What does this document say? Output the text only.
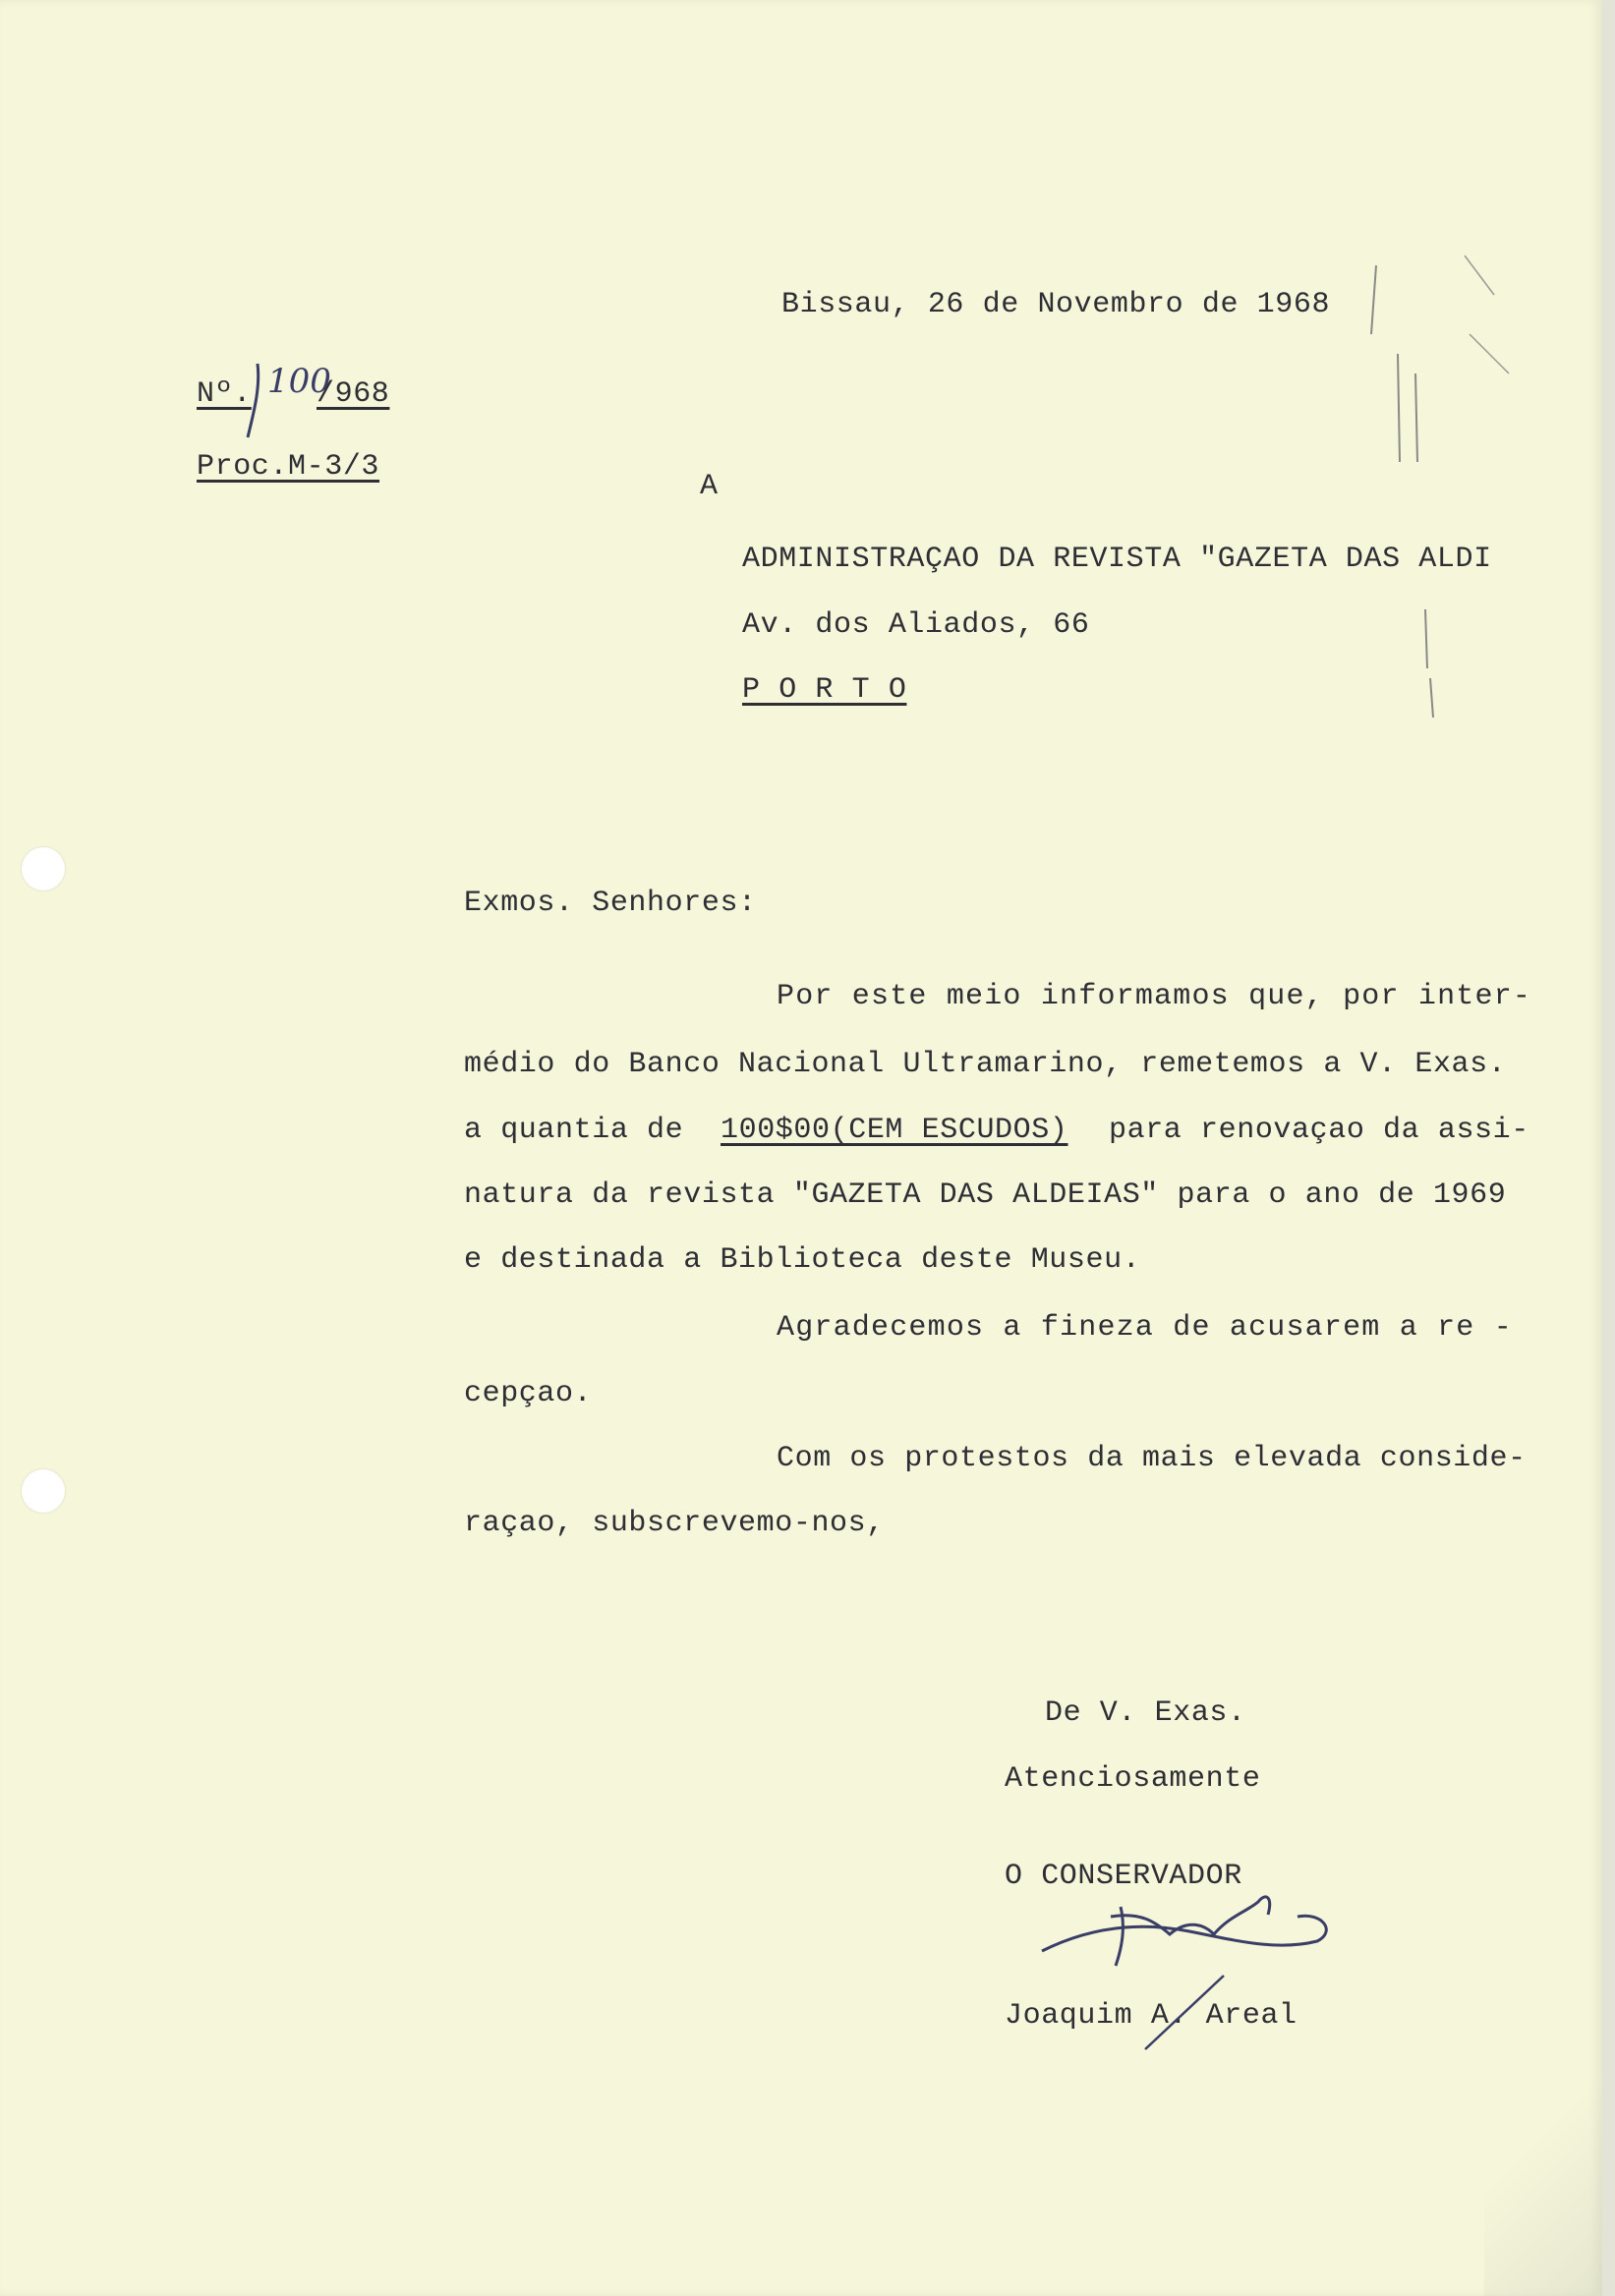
Bissau, 26 de Novembro de 1968
Nº. 100
/968
Proc.M-3/3
A
ADMINISTRAÇAO DA REVISTA "GAZETA DAS ALDI
Av. dos Aliados, 66
P O R T O
Exmos. Senhores:
Por este meio informamos que, por inter-
médio do Banco Nacional Ultramarino, remetemos a V. Exas.
a quantia de 100$00(CEM ESCUDOS) para renovaçao da assi-
natura da revista "GAZETA DAS ALDEIAS" para o ano de 1969
e destinada a Biblioteca deste Museu.
Agradecemos a fineza de acusarem a re -
cepçao.
Com os protestos da mais elevada conside-
raçao, subscrevemo-nos,
De V. Exas.
Atenciosamente
O CONSERVADOR
Joaquim A. Areal
